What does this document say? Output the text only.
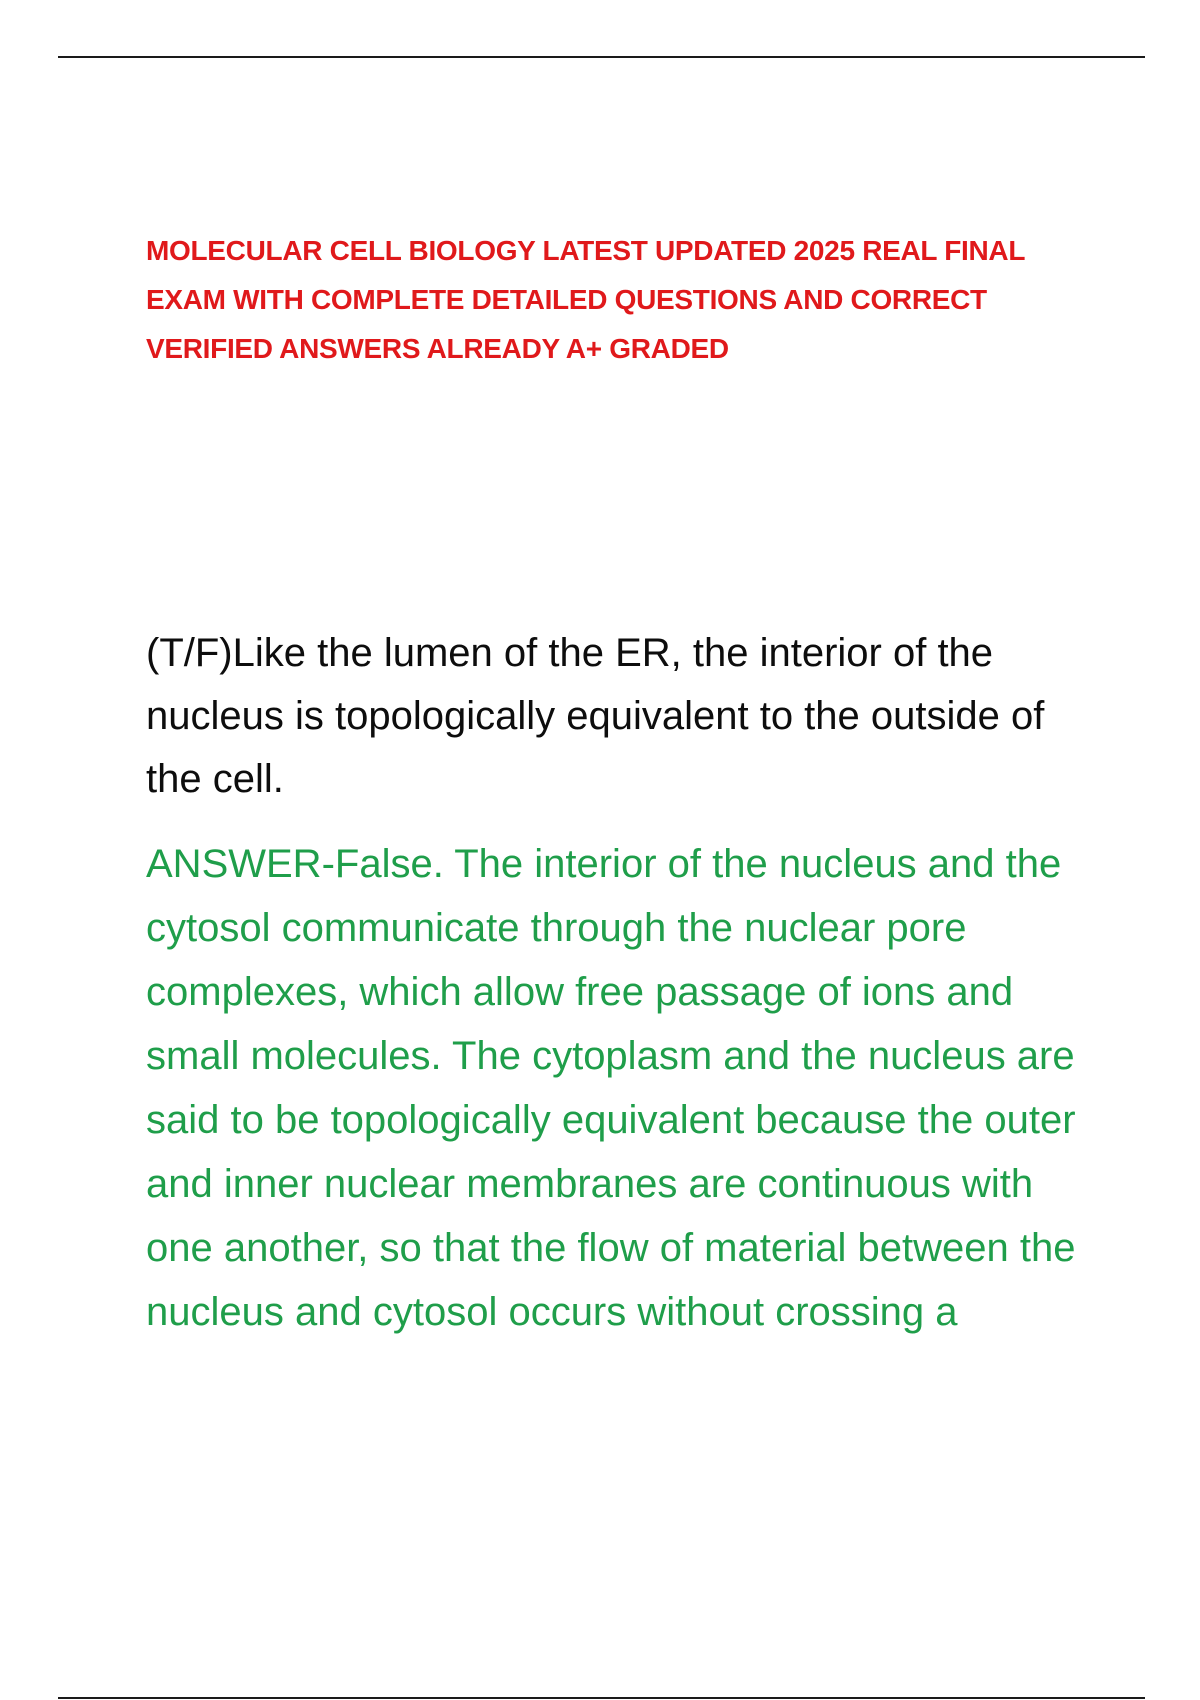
MOLECULAR CELL BIOLOGY LATEST UPDATED 2025 REAL FINAL EXAM WITH COMPLETE DETAILED QUESTIONS AND CORRECT VERIFIED ANSWERS ALREADY A+ GRADED
(T/F)Like the lumen of the ER, the interior of the nucleus is topologically equivalent to the outside of the cell.
ANSWER-False. The interior of the nucleus and the cytosol communicate through the nuclear pore complexes, which allow free passage of ions and small molecules. The cytoplasm and the nucleus are said to be topologically equivalent because the outer and inner nuclear membranes are continuous with one another, so that the flow of material between the nucleus and cytosol occurs without crossing a
